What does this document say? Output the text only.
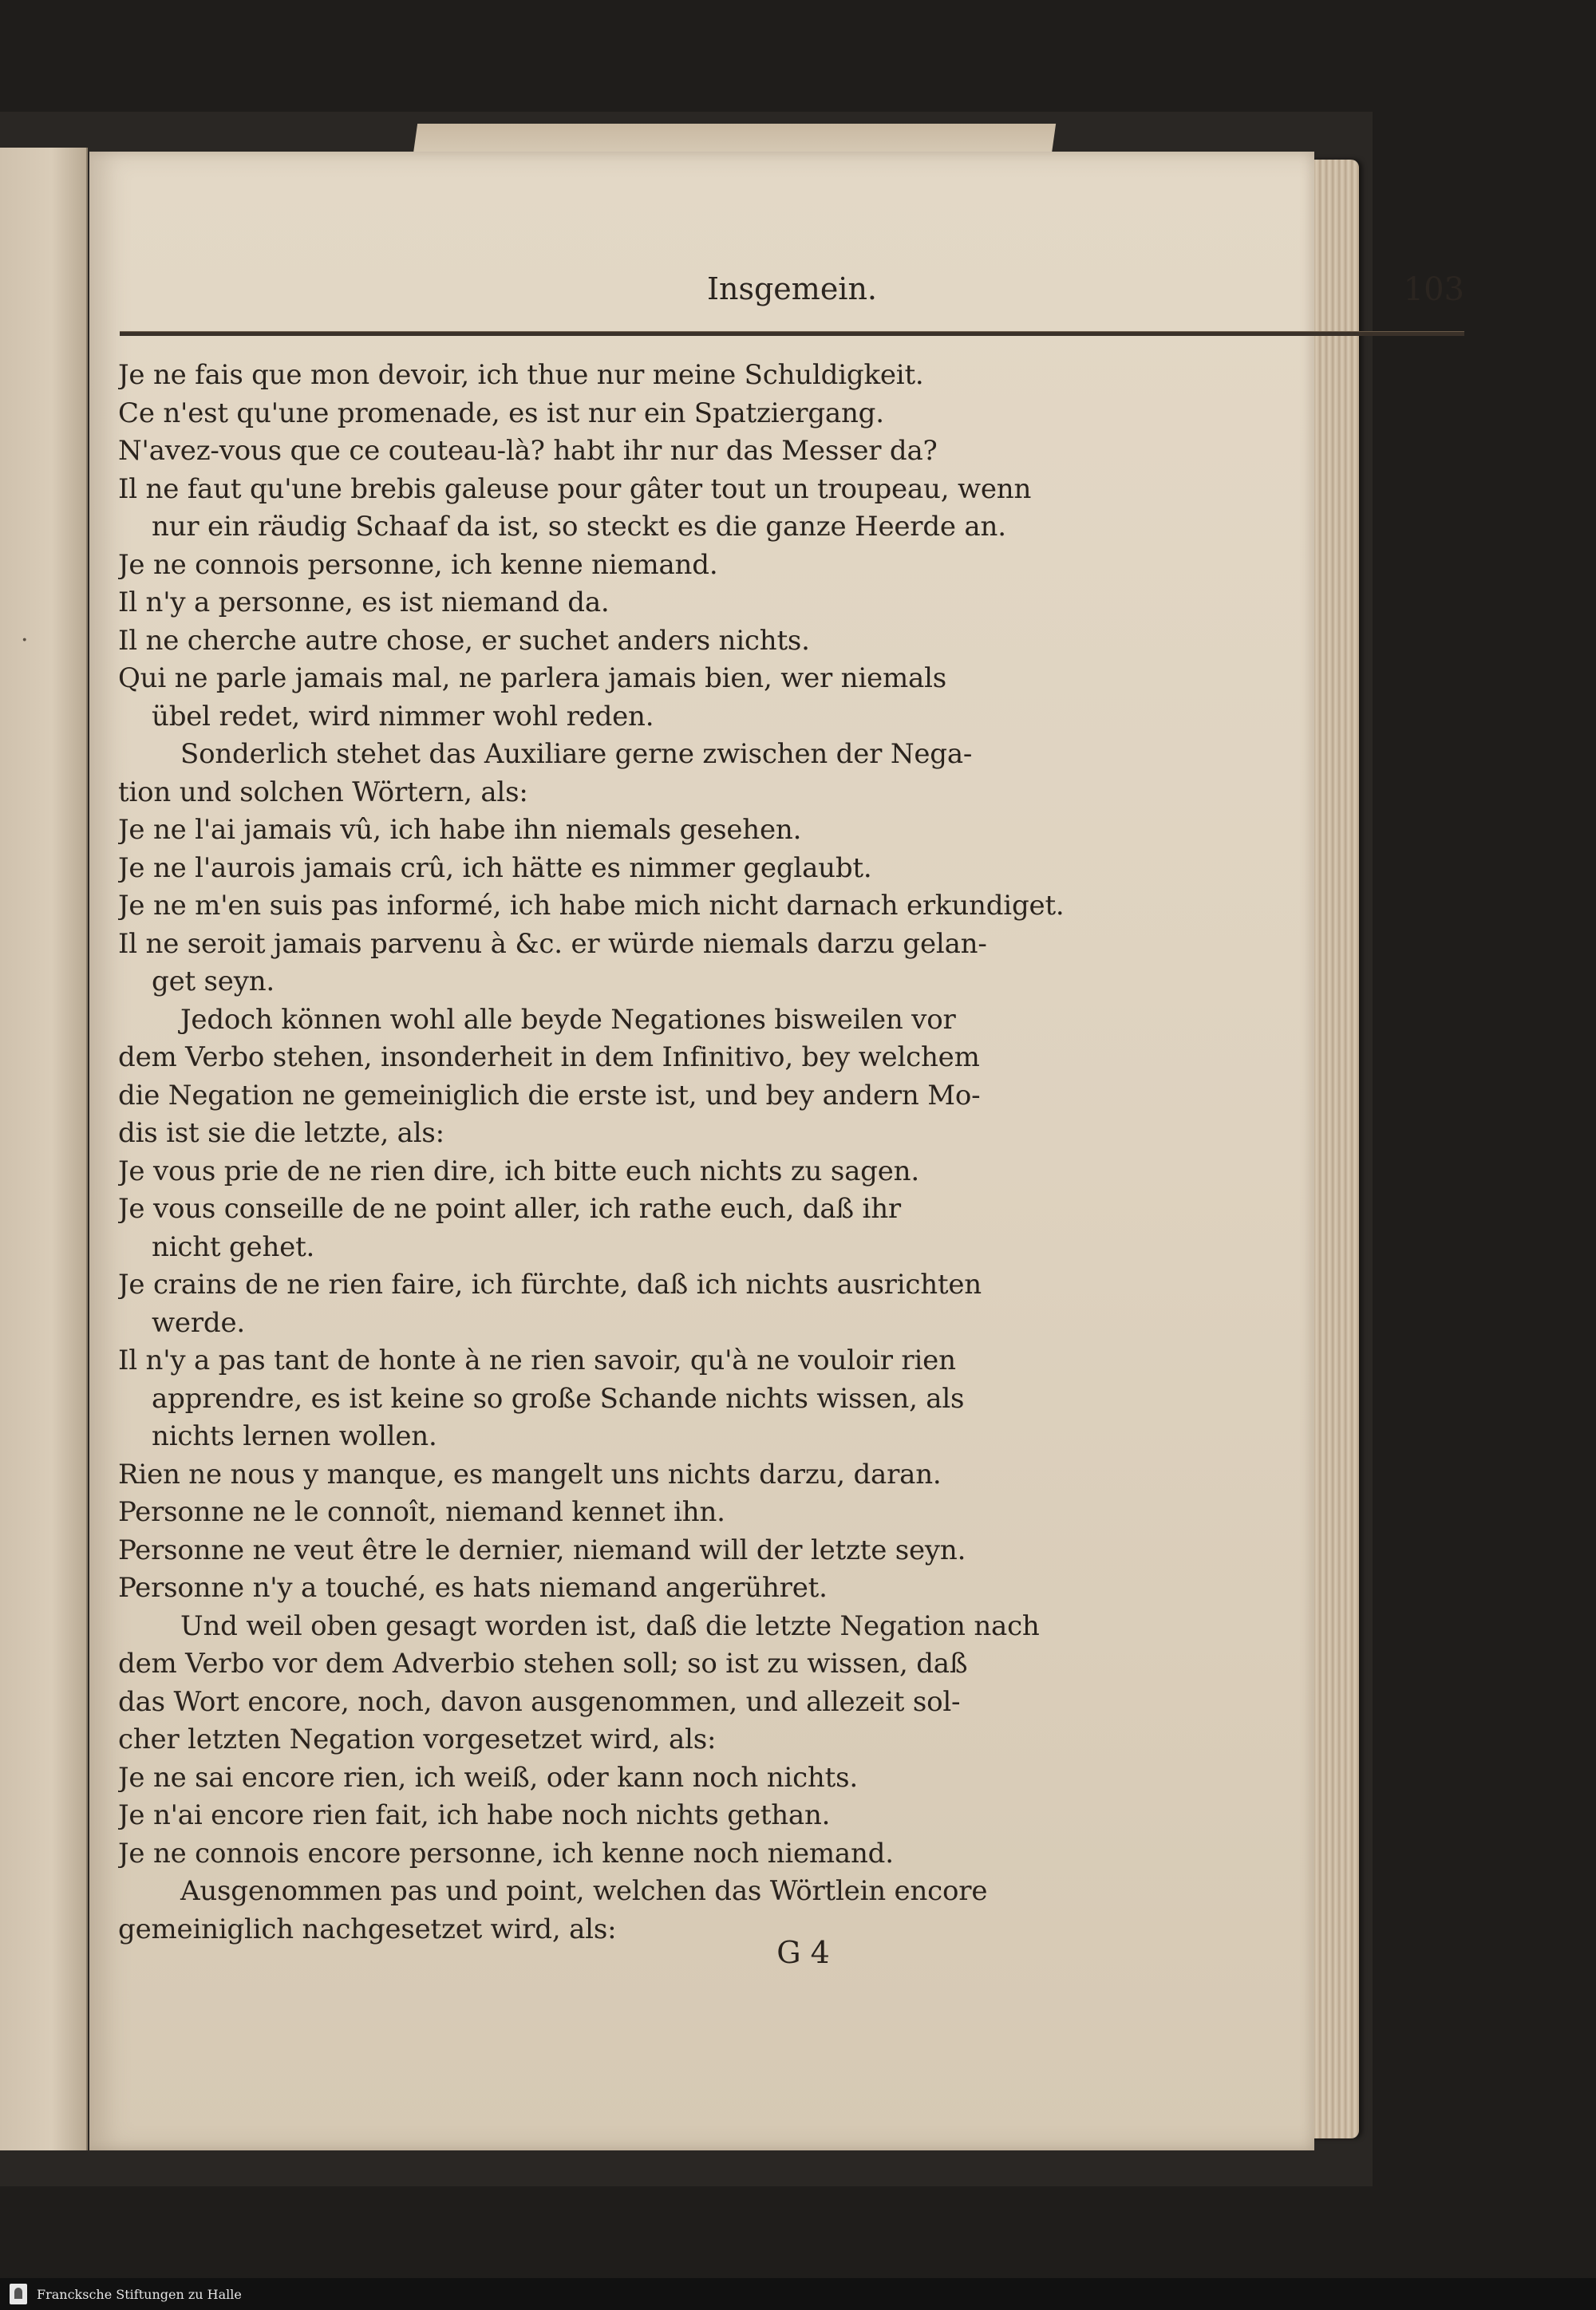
·
Insgemein.	103
Je ne fais que mon devoir, ich thue nur meine Schuldigkeit.
Ce n'est qu'une promenade, es ist nur ein Spatziergang.
N'avez-vous que ce couteau-là? habt ihr nur das Messer da?
Il ne faut qu'une brebis galeuse pour gâter tout un troupeau, wenn
nur ein räudig Schaaf da ist, so steckt es die ganze Heerde an.
Je ne connois personne, ich kenne niemand.
Il n'y a personne, es ist niemand da.
Il ne cherche autre chose, er suchet anders nichts.
Qui ne parle jamais mal, ne parlera jamais bien, wer niemals
übel redet, wird nimmer wohl reden.
Sonderlich stehet das Auxiliare gerne zwischen der Nega-
tion und solchen Wörtern, als:
Je ne l'ai jamais vû, ich habe ihn niemals gesehen.
Je ne l'aurois jamais crû, ich hätte es nimmer geglaubt.
Je ne m'en suis pas informé, ich habe mich nicht darnach erkundiget.
Il ne seroit jamais parvenu à &c. er würde niemals darzu gelan-
get seyn.
Jedoch können wohl alle beyde Negationes bisweilen vor
dem Verbo stehen, insonderheit in dem Infinitivo, bey welchem
die Negation ne gemeiniglich die erste ist, und bey andern Mo-
dis ist sie die letzte, als:
Je vous prie de ne rien dire, ich bitte euch nichts zu sagen.
Je vous conseille de ne point aller, ich rathe euch, daß ihr
nicht gehet.
Je crains de ne rien faire, ich fürchte, daß ich nichts ausrichten
werde.
Il n'y a pas tant de honte à ne rien savoir, qu'à ne vouloir rien
apprendre, es ist keine so große Schande nichts wissen, als
nichts lernen wollen.
Rien ne nous y manque, es mangelt uns nichts darzu, daran.
Personne ne le connoît, niemand kennet ihn.
Personne ne veut être le dernier, niemand will der letzte seyn.
Personne n'y a touché, es hats niemand angerühret.
Und weil oben gesagt worden ist, daß die letzte Negation nach
dem Verbo vor dem Adverbio stehen soll; so ist zu wissen, daß
das Wort encore, noch, davon ausgenommen, und allezeit sol-
cher letzten Negation vorgesetzet wird, als:
Je ne sai encore rien, ich weiß, oder kann noch nichts.
Je n'ai encore rien fait, ich habe noch nichts gethan.
Je ne connois encore personne, ich kenne noch niemand.
Ausgenommen pas und point, welchen das Wörtlein encore
gemeiniglich nachgesetzet wird, als:
G 4
Francksche Stiftungen zu Halle
